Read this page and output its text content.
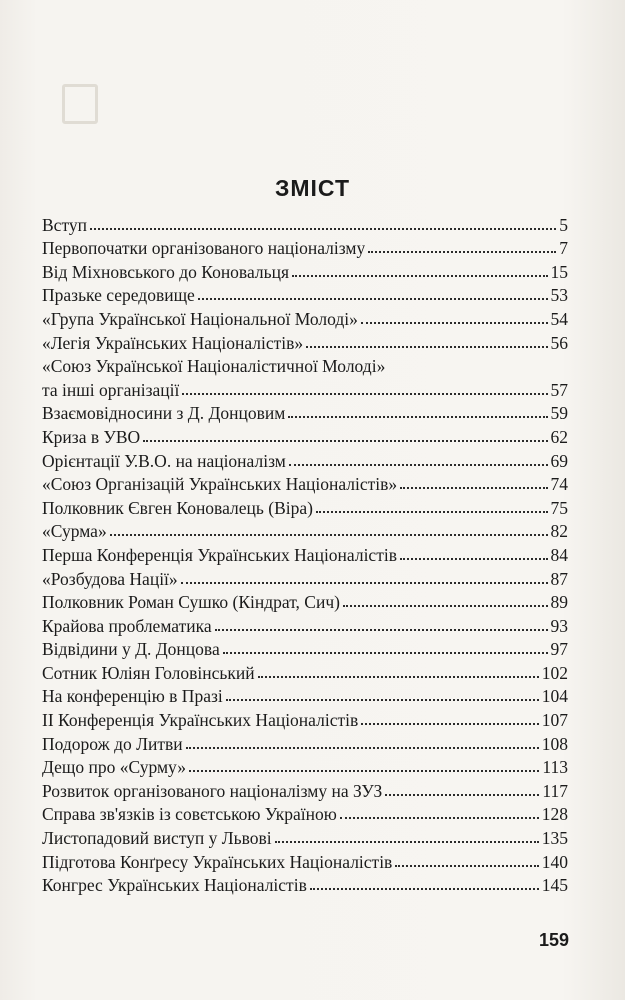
ЗМІСТ
Вступ	5
Первопочатки організованого націоналізму	7
Від Міхновського до Коновальця	15
Празьке середовище	53
«Група Української Національної Молоді»	54
«Легія Українських Націоналістів»	56
«Союз Української Націоналістичної Молоді»
та інші організації	57
Взаємовідносини з Д. Донцовим	59
Криза в УВО	62
Орієнтації У.В.О. на націоналізм	69
«Союз Організацій Українських Націоналістів»	74
Полковник Євген Коновалець (Віра)	75
«Сурма»	82
Перша Конференція Українських Націоналістів	84
«Розбудова Нації»	87
Полковник Роман Сушко (Кіндрат, Сич)	89
Крайова проблематика	93
Відвідини у Д. Донцова	97
Сотник Юліян Головінський	102
На конференцію в Празі	104
II Конференція Українських Націоналістів	107
Подорож до Литви	108
Дещо про «Сурму»	113
Розвиток організованого націоналізму на ЗУЗ	117
Справа зв'язків із совєтською Україною	128
Листопадовий виступ у Львові	135
Підготова Конґресу Українських Націоналістів	140
Конгрес Українських Націоналістів	145
159
